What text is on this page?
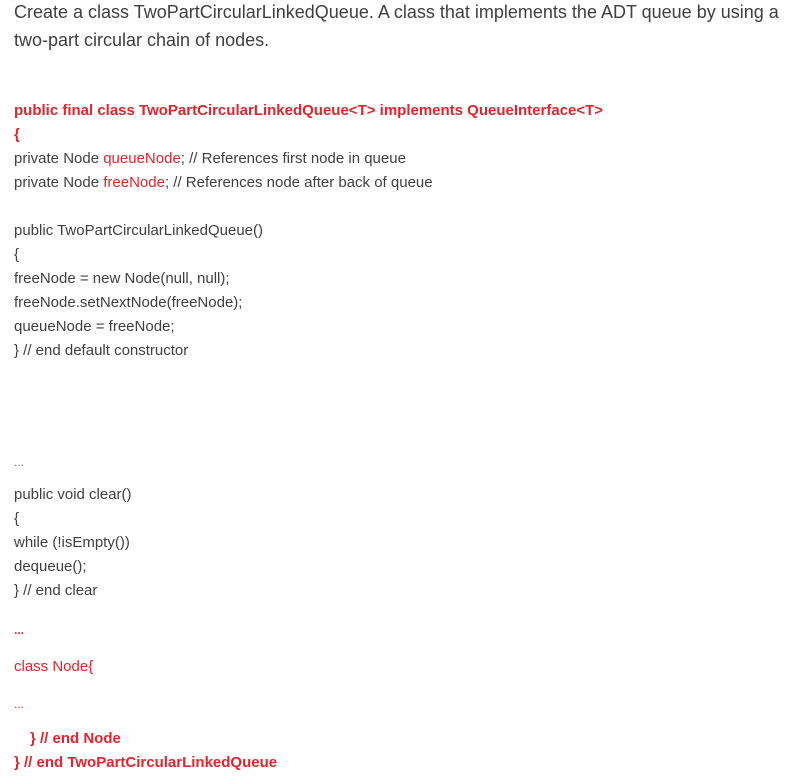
Create a class TwoPartCircularLinkedQueue. A class that implements the ADT queue by using a two-part circular chain of nodes.

public final class TwoPartCircularLinkedQueue<T> implements QueueInterface<T>
{
private Node queueNode; // References first node in queue
private Node freeNode; // References node after back of queue
public TwoPartCircularLinkedQueue()
{
freeNode = new Node(null, null);
freeNode.setNextNode(freeNode);
queueNode = freeNode;
} // end default constructor
...
public void clear()
{
while (!isEmpty())
dequeue();
} // end clear
...
class Node{
...
} // end Node
} // end TwoPartCircularLinkedQueue
